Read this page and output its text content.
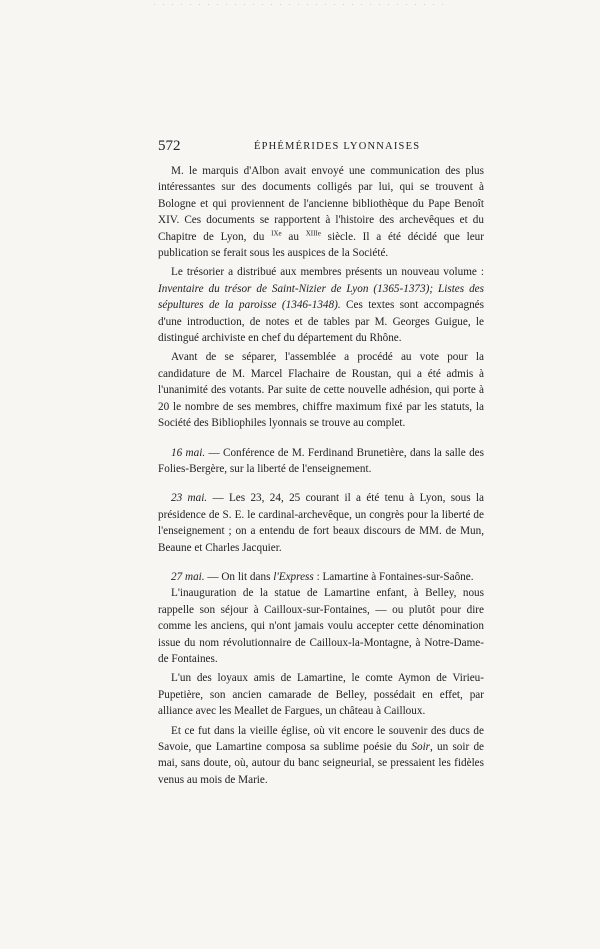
572	ÉPHÉMÉRIDES LYONNAISES

M. le marquis d'Albon avait envoyé une communication des plus intéressantes sur des documents colligés par lui, qui se trouvent à Bologne et qui proviennent de l'ancienne bibliothèque du Pape Benoît XIV. Ces documents se rapportent à l'histoire des archevêques et du Chapitre de Lyon, du $^{IXe}$ au $^{XIIIe}$ siècle. Il a été décidé que leur publication se ferait sous les auspices de la Société.

Le trésorier a distribué aux membres présents un nouveau volume : Inventaire du trésor de Saint-Nizier de Lyon (1365-1373); Listes des sépultures de la paroisse (1346-1348). Ces textes sont accompagnés d'une introduction, de notes et de tables par M. Georges Guigue, le distingué archiviste en chef du département du Rhône.

Avant de se séparer, l'assemblée a procédé au vote pour la candidature de M. Marcel Flachaire de Roustan, qui a été admis à l'unanimité des votants. Par suite de cette nouvelle adhésion, qui porte à 20 le nombre de ses membres, chiffre maximum fixé par les statuts, la Société des Bibliophiles lyonnais se trouve au complet.

16 mai. — Conférence de M. Ferdinand Brunetière, dans la salle des Folies-Bergère, sur la liberté de l'enseignement.

23 mai. — Les 23, 24, 25 courant il a été tenu à Lyon, sous la présidence de S. E. le cardinal-archevêque, un congrès pour la liberté de l'enseignement ; on a entendu de fort beaux discours de MM. de Mun, Beaune et Charles Jacquier.

27 mai. — On lit dans l'Express : Lamartine à Fontaines-sur-Saône.

L'inauguration de la statue de Lamartine enfant, à Belley, nous rappelle son séjour à Cailloux-sur-Fontaines, — ou plutôt pour dire comme les anciens, qui n'ont jamais voulu accepter cette dénomination issue du nom révolutionnaire de Cailloux-la-Montagne, à Notre-Dame-de Fontaines.

L'un des loyaux amis de Lamartine, le comte Aymon de Virieu-Pupetière, son ancien camarade de Belley, possédait en effet, par alliance avec les Meallet de Fargues, un château à Cailloux.

Et ce fut dans la vieille église, où vit encore le souvenir des ducs de Savoie, que Lamartine composa sa sublime poésie du Soir, un soir de mai, sans doute, où, autour du banc seigneurial, se pressaient les fidèles venus au mois de Marie.
